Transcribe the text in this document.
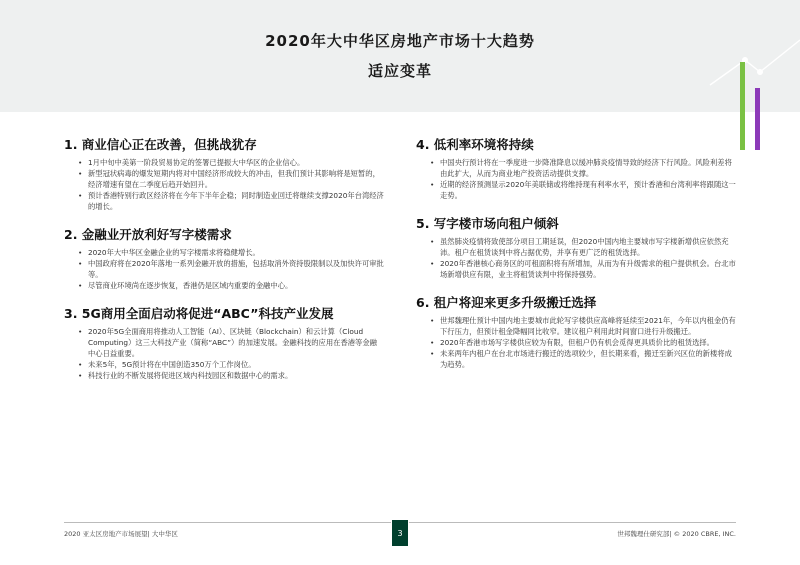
2020年大中华区房地产市场十大趋势
适应变革
1. 商业信心正在改善，但挑战犹存
• 1月中旬中美第一阶段贸易协定的签署已提振大中华区的企业信心。
• 新型冠状病毒的爆发短期内将对中国经济形成较大的冲击，但我们预计其影响将是短暂的，经济增速有望在二季度后趋开始回升。
• 预计香港特别行政区经济将在今年下半年企稳；同时制造业回迁将继续支撑2020年台湾经济的增长。
2. 金融业开放利好写字楼需求
• 2020年大中华区金融企业的写字楼需求将稳健增长。
• 中国政府将在2020年落地一系列金融开放的措施，包括取消外资持股限制以及加快许可审批等。
• 尽管商业环境尚在逐步恢复，香港仍是区域内重要的金融中心。
3. 5G商用全面启动将促进“ABC”科技产业发展
• 2020年5G全面商用将推动人工智能（AI）、区块链（Blockchain）和云计算（Cloud Computing）这三大科技产业（简称“ABC”）的加速发展。金融科技的应用在香港等金融中心日益重要。
• 未来5年，5G预计将在中国创造350万个工作岗位。
• 科技行业的不断发展将促进区域内科技园区和数据中心的需求。
4. 低利率环境将持续
• 中国央行预计将在一季度进一步降准降息以缓冲肺炎疫情导致的经济下行风险。风险利差将由此扩大，从而为商业地产投资活动提供支撑。
• 近期的经济预测显示2020年美联储或将维持现有利率水平，预计香港和台湾利率将跟随这一走势。
5. 写字楼市场向租户倾斜
• 虽然肺炎疫情将致使部分项目工期延误，但2020中国内地主要城市写字楼新增供应依然充沛。租户在租赁谈判中将占据优势，并享有更广泛的租赁选择。
• 2020年香港核心商务区的可租面积将有所增加，从而为有升级需求的租户提供机会。台北市场新增供应有限，业主将租赁谈判中将保持强势。
6. 租户将迎来更多升级搬迁选择
• 世邦魏理仕预计中国内地主要城市此轮写字楼供应高峰将延续至2021年，今年以内租金仍有下行压力，但预计租金降幅同比收窄。建议租户利用此时间窗口进行升级搬迁。
• 2020年香港市场写字楼供应较为有限，但租户仍有机会觅得更具质价比的租赁选择。
• 未来两年内租户在台北市场进行搬迁的选项较少，但长期来看，搬迁至新兴区位的新楼将成为趋势。
2020 亚太区房地产市场展望| 大中华区	3	世邦魏理仕研究部| © 2020 CBRE, INC.
